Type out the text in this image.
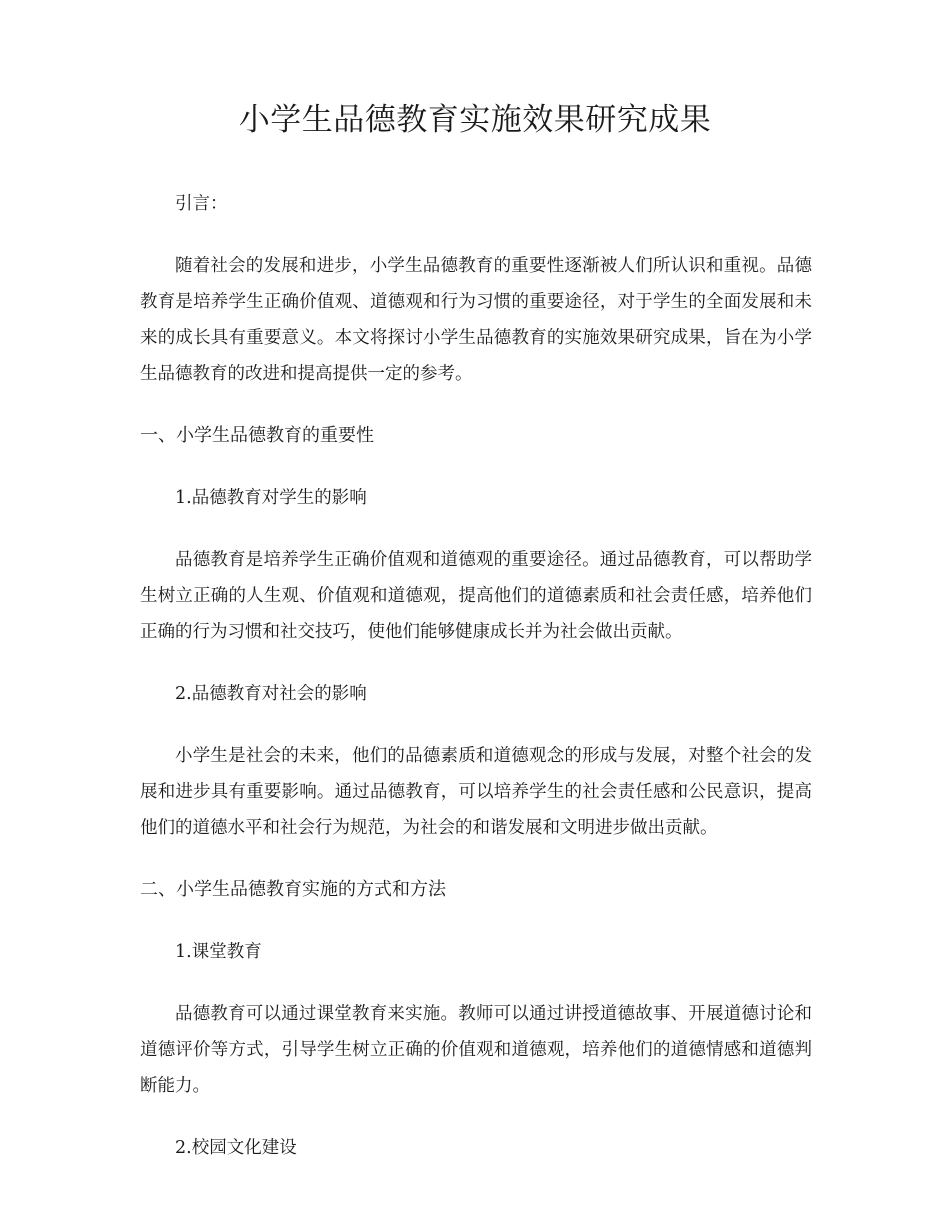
小学生品德教育实施效果研究成果

引言：

随着社会的发展和进步，小学生品德教育的重要性逐渐被人们所认识和重视。品德教育是培养学生正确价值观、道德观和行为习惯的重要途径，对于学生的全面发展和未来的成长具有重要意义。本文将探讨小学生品德教育的实施效果研究成果，旨在为小学生品德教育的改进和提高提供一定的参考。

一、小学生品德教育的重要性

1.品德教育对学生的影响

品德教育是培养学生正确价值观和道德观的重要途径。通过品德教育，可以帮助学生树立正确的人生观、价值观和道德观，提高他们的道德素质和社会责任感，培养他们正确的行为习惯和社交技巧，使他们能够健康成长并为社会做出贡献。

2.品德教育对社会的影响

小学生是社会的未来，他们的品德素质和道德观念的形成与发展，对整个社会的发展和进步具有重要影响。通过品德教育，可以培养学生的社会责任感和公民意识，提高他们的道德水平和社会行为规范，为社会的和谐发展和文明进步做出贡献。

二、小学生品德教育实施的方式和方法

1.课堂教育

品德教育可以通过课堂教育来实施。教师可以通过讲授道德故事、开展道德讨论和道德评价等方式，引导学生树立正确的价值观和道德观，培养他们的道德情感和道德判断能力。

2.校园文化建设
